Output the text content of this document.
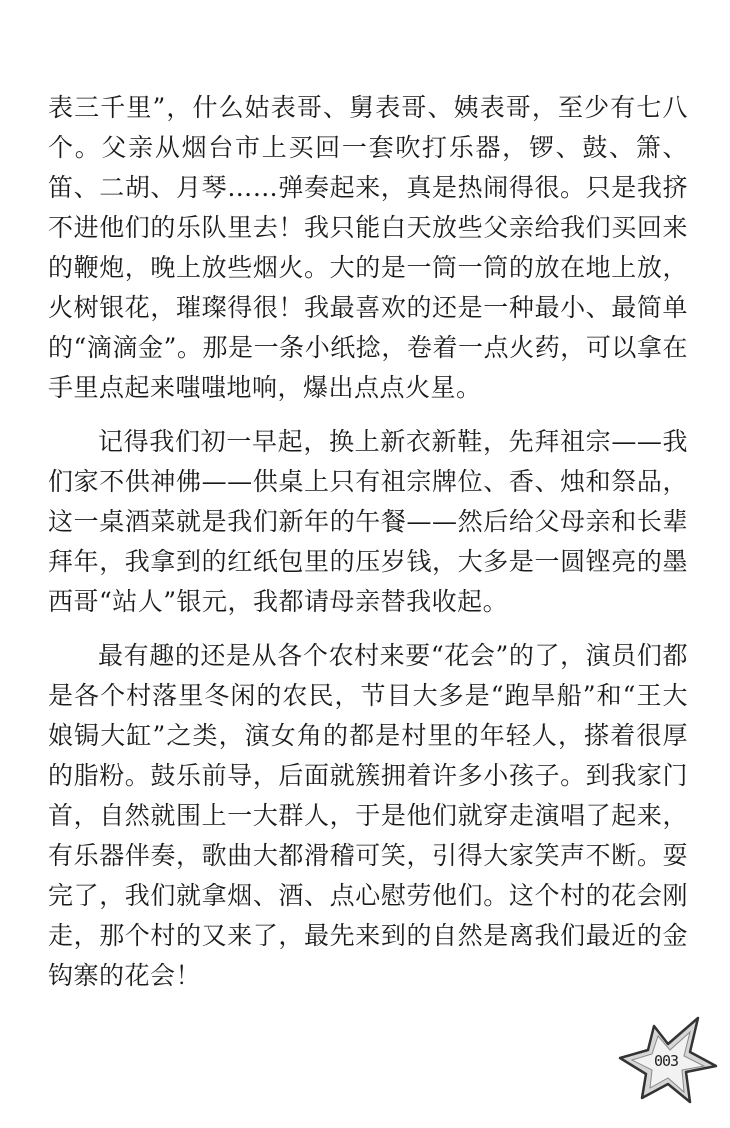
表三千里”，什么姑表哥、舅表哥、姨表哥，至少有七八个。父亲从烟台市上买回一套吹打乐器，锣、鼓、箫、笛、二胡、月琴……弹奏起来，真是热闹得很。只是我挤不进他们的乐队里去！我只能白天放些父亲给我们买回来的鞭炮，晚上放些烟火。大的是一筒一筒的放在地上放，火树银花，璀璨得很！我最喜欢的还是一种最小、最简单的“滴滴金”。那是一条小纸捻，卷着一点火药，可以拿在手里点起来嗤嗤地响，爆出点点火星。

记得我们初一早起，换上新衣新鞋，先拜祖宗——我们家不供神佛——供桌上只有祖宗牌位、香、烛和祭品，这一桌酒菜就是我们新年的午餐——然后给父母亲和长辈拜年，我拿到的红纸包里的压岁钱，大多是一圆铿亮的墨西哥“站人”银元，我都请母亲替我收起。

最有趣的还是从各个农村来要“花会”的了，演员们都是各个村落里冬闲的农民，节目大多是“跑旱船”和“王大娘锔大缸”之类，演女角的都是村里的年轻人，搽着很厚的脂粉。鼓乐前导，后面就簇拥着许多小孩子。到我家门首，自然就围上一大群人，于是他们就穿走演唱了起来，有乐器伴奏，歌曲大都滑稽可笑，引得大家笑声不断。耍完了，我们就拿烟、酒、点心慰劳他们。这个村的花会刚走，那个村的又来了，最先来到的自然是离我们最近的金钩寨的花会！

003
